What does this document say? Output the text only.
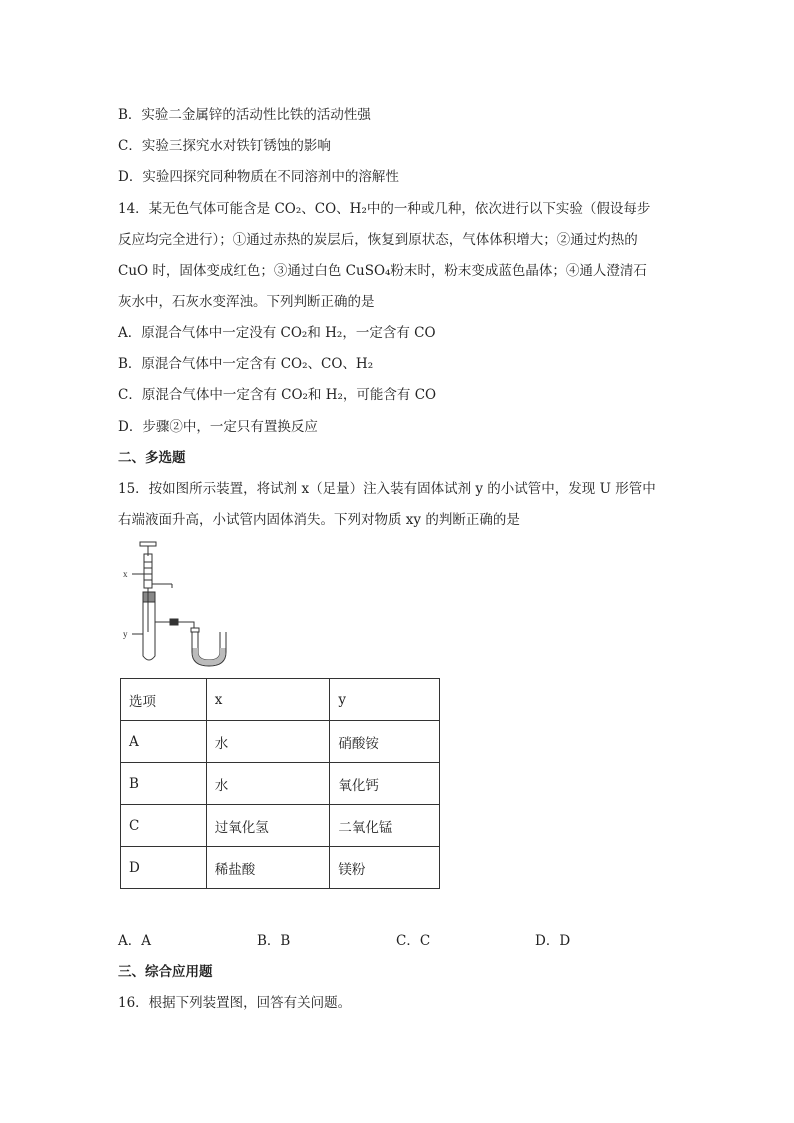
B．实验二金属锌的活动性比铁的活动性强
C．实验三探究水对铁钉锈蚀的影响
D．实验四探究同种物质在不同溶剂中的溶解性
14．某无色气体可能含是 CO₂、CO、H₂中的一种或几种，依次进行以下实验（假设每步
反应均完全进行）；①通过赤热的炭层后，恢复到原状态，气体体积增大；②通过灼热的
CuO 时，固体变成红色；③通过白色 CuSO₄粉末时，粉末变成蓝色晶体；④通人澄清石
灰水中，石灰水变浑浊。下列判断正确的是
A．原混合气体中一定没有 CO₂和 H₂，一定含有 CO
B．原混合气体中一定含有 CO₂、CO、H₂
C．原混合气体中一定含有 CO₂和 H₂，可能含有 CO
D．步骤②中，一定只有置换反应
二、多选题
15．按如图所示装置，将试剂 x（足量）注入装有固体试剂 y 的小试管中，发现 U 形管中
右端液面升高，小试管内固体消失。下列对物质 xy 的判断正确的是
x
y
选项	x	y
A	水	硝酸铵
B	水	氧化钙
C	过氧化氢	二氧化锰
D	稀盐酸	镁粉
A．A	B．B	C．C	D．D
三、综合应用题
16．根据下列装置图，回答有关问题。
